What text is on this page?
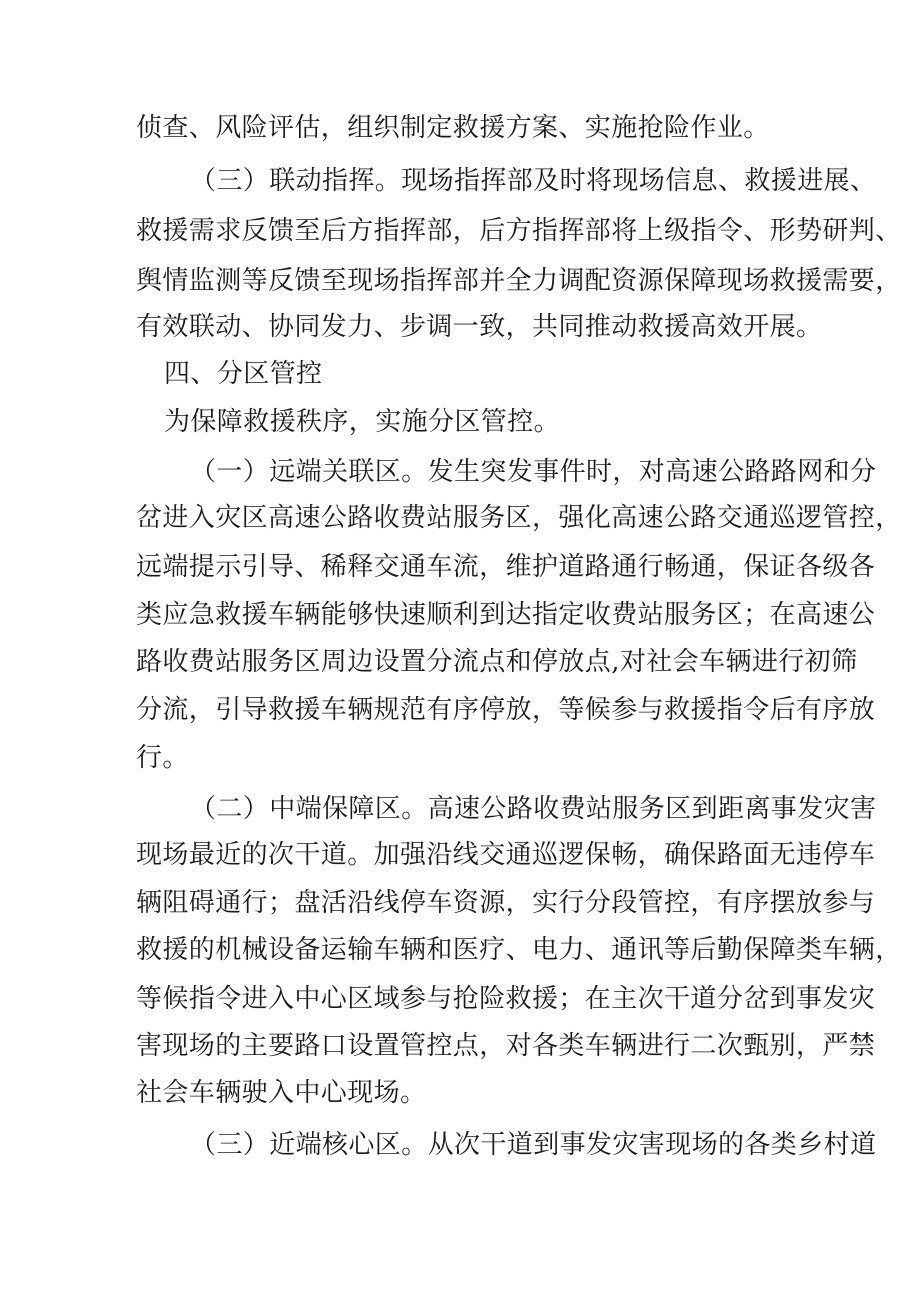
侦查、风险评估，组织制定救援方案、实施抢险作业。
（三）联动指挥。现场指挥部及时将现场信息、救援进展、
救援需求反馈至后方指挥部，后方指挥部将上级指令、形势研判、
舆情监测等反馈至现场指挥部并全力调配资源保障现场救援需要，
有效联动、协同发力、步调一致，共同推动救援高效开展。
四、分区管控
为保障救援秩序，实施分区管控。
（一）远端关联区。发生突发事件时，对高速公路路网和分
岔进入灾区高速公路收费站服务区，强化高速公路交通巡逻管控，
远端提示引导、稀释交通车流，维护道路通行畅通，保证各级各
类应急救援车辆能够快速顺利到达指定收费站服务区；在高速公
路收费站服务区周边设置分流点和停放点,对社会车辆进行初筛
分流，引导救援车辆规范有序停放，等候参与救援指令后有序放
行。
（二）中端保障区。高速公路收费站服务区到距离事发灾害
现场最近的次干道。加强沿线交通巡逻保畅，确保路面无违停车
辆阻碍通行；盘活沿线停车资源，实行分段管控，有序摆放参与
救援的机械设备运输车辆和医疗、电力、通讯等后勤保障类车辆，
等候指令进入中心区域参与抢险救援；在主次干道分岔到事发灾
害现场的主要路口设置管控点，对各类车辆进行二次甄别，严禁
社会车辆驶入中心现场。
（三）近端核心区。从次干道到事发灾害现场的各类乡村道
